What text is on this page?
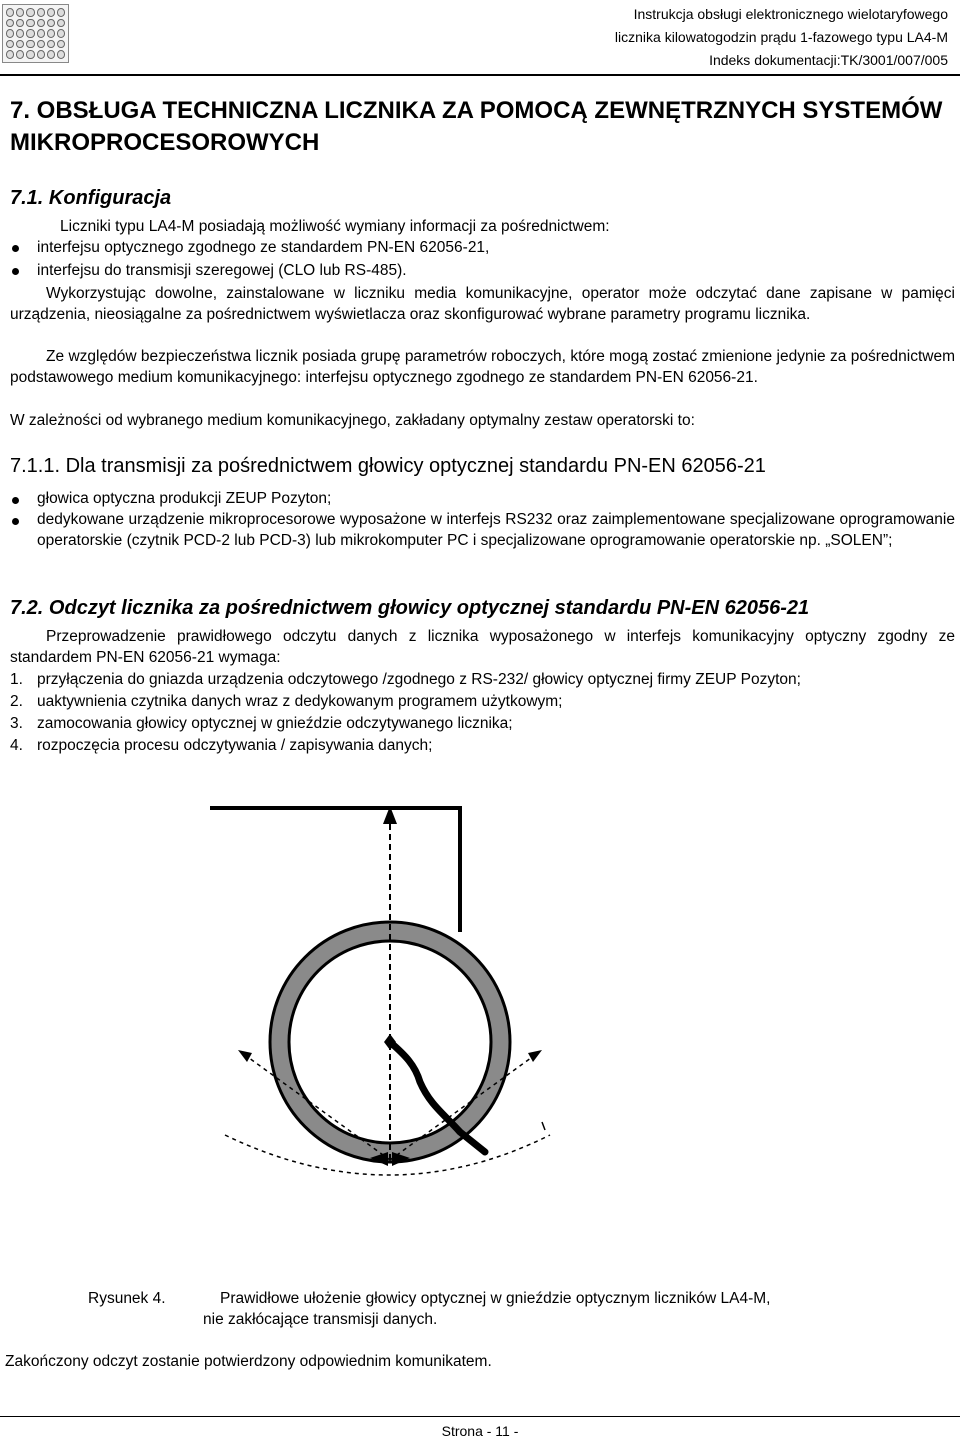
Instrukcja obsługi elektronicznego wielotaryfowego
licznika kilowatogodzin prądu 1-fazowego typu LA4-M
Indeks dokumentacji:TK/3001/007/005
7. OBSŁUGA TECHNICZNA LICZNIKA ZA POMOCĄ ZEWNĘTRZNYCH SYSTEMÓW MIKROPROCESOROWYCH
7.1. Konfiguracja
Liczniki typu LA4-M posiadają możliwość wymiany informacji za pośrednictwem:
interfejsu optycznego zgodnego ze standardem PN-EN 62056-21,
interfejsu do transmisji szeregowej (CLO lub RS-485).
Wykorzystując dowolne, zainstalowane w liczniku media komunikacyjne, operator może odczytać dane zapisane w pamięci urządzenia, nieosiągalne za pośrednictwem wyświetlacza oraz skonfigurować wybrane parametry programu licznika.
Ze względów bezpieczeństwa licznik posiada grupę parametrów roboczych, które mogą zostać zmienione jedynie za pośrednictwem podstawowego medium komunikacyjnego: interfejsu optycznego zgodnego ze standardem PN-EN 62056-21.
W zależności od wybranego medium komunikacyjnego, zakładany optymalny zestaw operatorski to:
7.1.1. Dla transmisji za pośrednictwem głowicy optycznej standardu PN-EN 62056-21
głowica optyczna produkcji ZEUP Pozyton;
dedykowane urządzenie mikroprocesorowe wyposażone w interfejs RS232 oraz zaimplementowane specjalizowane oprogramowanie operatorskie (czytnik PCD-2 lub PCD-3) lub mikrokomputer PC i specjalizowane oprogramowanie operatorskie np. „SOLEN”;
7.2. Odczyt licznika za pośrednictwem głowicy optycznej standardu PN-EN 62056-21
Przeprowadzenie prawidłowego odczytu danych z licznika wyposażonego w interfejs komunikacyjny optyczny zgodny ze standardem PN-EN 62056-21 wymaga:
1. przyłączenia do gniazda urządzenia odczytowego /zgodnego z RS-232/ głowicy optycznej firmy ZEUP Pozyton;
2. uaktywnienia czytnika danych wraz z dedykowanym programem użytkowym;
3. zamocowania głowicy optycznej w gnieździe odczytywanego licznika;
4. rozpoczęcia procesu odczytywania / zapisywania danych;
Rysunek 4.	Prawidłowe ułożenie głowicy optycznej w gnieździe optycznym liczników LA4-M,
nie zakłócające transmisji danych.
Zakończony odczyt zostanie potwierdzony odpowiednim komunikatem.
Strona - 11 -
